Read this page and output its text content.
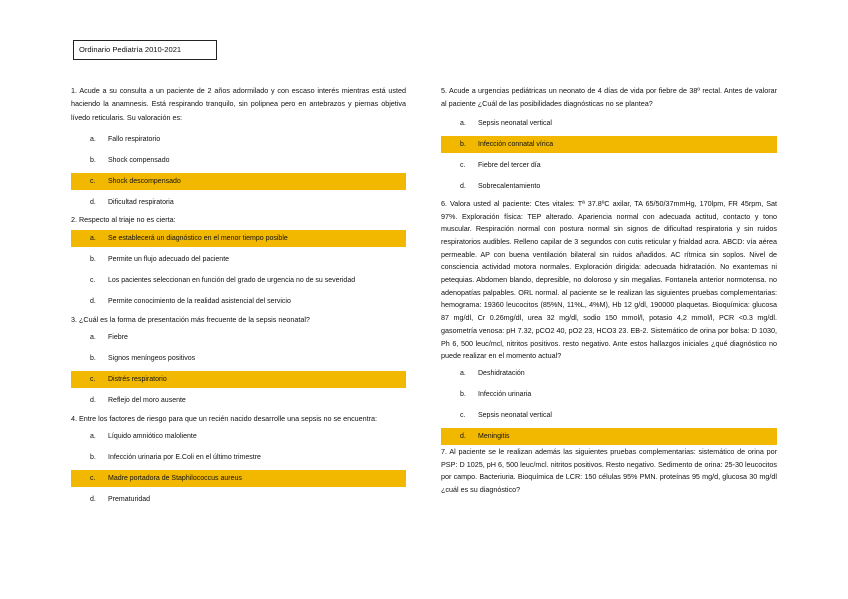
Ordinario Pediatría 2010-2021

1. Acude a su consulta a un paciente de 2 años adormilado y con escaso interés mientras está usted haciendo la anamnesis. Está respirando tranquilo, sin polipnea pero en antebrazos y piernas objetiva lívedo reticularis. Su valoración es:

a. Fallo respiratorio
b. Shock compensado
c. Shock descompensado
d. Dificultad respiratoria

2. Respecto al triaje no es cierta:

a. Se establecerá un diagnóstico en el menor tiempo posible
b. Permite un flujo adecuado del paciente
c. Los pacientes seleccionan en función del grado de urgencia no de su severidad
d. Permite conocimiento de la realidad asistencial del servicio

3. ¿Cuál es la forma de presentación más frecuente de la sepsis neonatal?

a. Fiebre
b. Signos meníngeos positivos
c. Distrés respiratorio
d. Reflejo del moro ausente

4. Entre los factores de riesgo para que un recién nacido desarrolle una sepsis no se encuentra:

a. Líquido amniótico maloliente
b. Infección urinaria por E.Coli en el último trimestre
c. Madre portadora de Staphilococcus aureus
d. Prematuridad

5. Acude a urgencias pediátricas un neonato de 4 días de vida por fiebre de 38º rectal. Antes de valorar al paciente ¿Cuál de las posibilidades diagnósticas no se plantea?

a. Sepsis neonatal vertical
b. Infección connatal vírica
c. Fiebre del tercer día
d. Sobrecalentamiento

6. Valora usted al paciente: Ctes vitales: Tª 37.8ºC axilar, TA 65/50/37mmHg, 170lpm, FR 45rpm, Sat 97%. Exploración física: TEP alterado. Apariencia normal con adecuada actitud, contacto y tono muscular. Respiración normal con postura normal sin signos de dificultad respiratoria y sin ruidos respiratorios audibles. Relleno capilar de 3 segundos con cutis reticular y frialdad acra. ABCD: vía aérea permeable. AP con buena ventilación bilateral sin ruidos añadidos. AC rítmica sin soplos. Nivel de consciencia actividad motora normales. Exploración dirigida: adecuada hidratación. No exantemas ni petequias. Abdomen blando, depresible, no doloroso y sin megalias. Fontanela anterior normotensa. no adenopatías palpables. ORL normal. al paciente se le realizan las siguientes pruebas complementarias: hemograma: 19360 leucocitos (85%N, 11%L, 4%M), Hb 12 g/dl, 190000 plaquetas. Bioquímica: glucosa 87 mg/dl, Cr 0.26mg/dl, urea 32 mg/dl, sodio 150 mmol/l, potasio 4,2 mmol/l, PCR <0.3 mg/dl. gasometría venosa: pH 7.32, pCO2 40, pO2 23, HCO3 23. EB-2. Sistemático de orina por bolsa: D 1030, Ph 6, 500 leuc/mcl, nitritos positivos. resto negativo. Ante estos hallazgos iniciales ¿qué diagnóstico no puede realizar en el momento actual?

a. Deshidratación
b. Infección urinaria
c. Sepsis neonatal vertical
d. Meningitis

7. Al paciente se le realizan además las siguientes pruebas complementarias: sistemático de orina por PSP: D 1025, pH 6, 500 leuc/mcl. nitritos positivos. Resto negativo. Sedimento de orina: 25-30 leucocitos por campo. Bacteriuria. Bioquímica de LCR: 150 células 95% PMN. proteínas 95 mg/d, glucosa 30 mg/dl ¿cuál es su diagnóstico?
